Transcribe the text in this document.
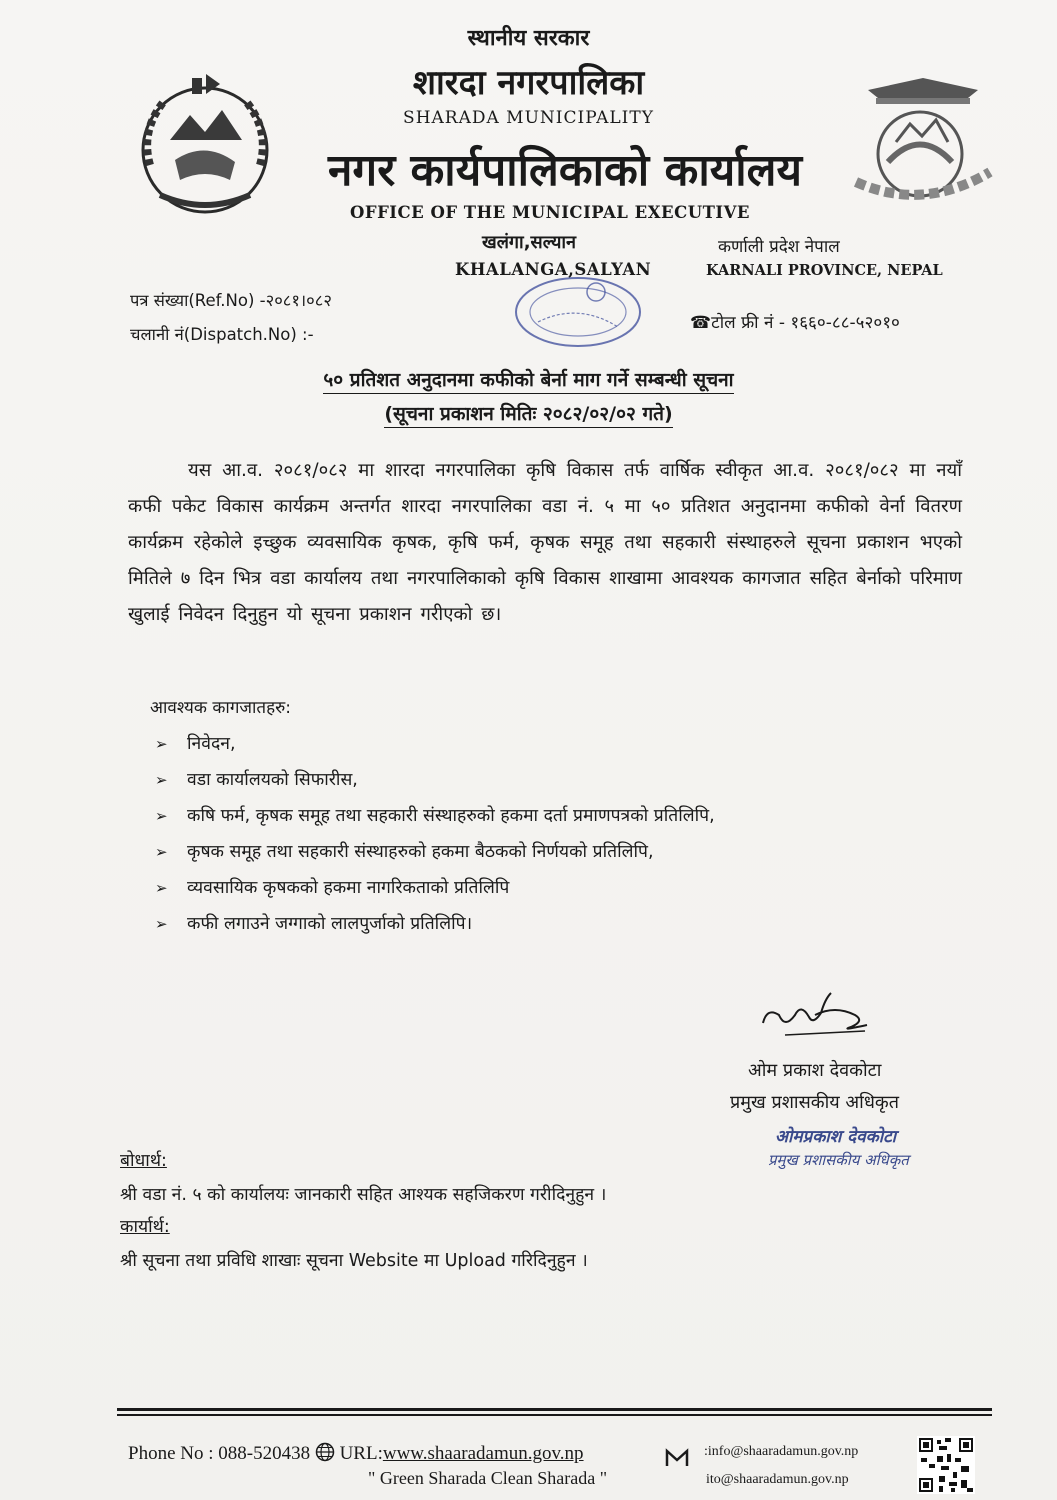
स्थानीय सरकार
शारदा नगरपालिका
SHARADA MUNICIPALITY
नगर कार्यपालिकाको कार्यालय
OFFICE OF THE MUNICIPAL EXECUTIVE
खलंगा,सल्यान
KHALANGA,SALYAN
कर्णाली प्रदेश नेपाल
KARNALI PROVINCE, NEPAL
पत्र संख्या(Ref.No) -२०८१।०८२
चलानी नं(Dispatch.No) :-
☎टोल फ्री नं - १६६०-८८-५२०१०
५० प्रतिशत अनुदानमा कफीको बेर्ना माग गर्ने सम्बन्धी सूचना
(सूचना प्रकाशन मितिः २०८२/०२/०२ गते)
यस आ.व. २०८१/०८२ मा शारदा नगरपालिका कृषि विकास तर्फ वार्षिक स्वीकृत आ.व. २०८१/०८२ मा नयाँ कफी पकेट विकास कार्यक्रम अन्तर्गत शारदा नगरपालिका वडा नं. ५ मा ५० प्रतिशत अनुदानमा कफीको वेर्ना वितरण कार्यक्रम रहेकोले इच्छुक व्यवसायिक कृषक, कृषि फर्म, कृषक समूह तथा सहकारी संस्थाहरुले सूचना प्रकाशन भएको मितिले ७ दिन भित्र वडा कार्यालय तथा नगरपालिकाको कृषि विकास शाखामा आवश्यक कागजात सहित बेर्नाको परिमाण खुलाई निवेदन दिनुहुन यो सूचना प्रकाशन गरीएको छ।
आवश्यक कागजातहरु:
➢ निवेदन,
➢ वडा कार्यालयको सिफारीस,
➢ कषि फर्म, कृषक समूह तथा सहकारी संस्थाहरुको हकमा दर्ता प्रमाणपत्रको प्रतिलिपि,
➢ कृषक समूह तथा सहकारी संस्थाहरुको हकमा बैठकको निर्णयको प्रतिलिपि,
➢ व्यवसायिक कृषकको हकमा नागरिकताको प्रतिलिपि
➢ कफी लगाउने जग्गाको लालपुर्जाको प्रतिलिपि।
ओम प्रकाश देवकोटा
प्रमुख प्रशासकीय अधिकृत
ओमप्रकाश देवकोटा
प्रमुख प्रशासकीय अधिकृत
बोधार्थ:
श्री वडा नं. ५ को कार्यालयः जानकारी सहित आश्यक सहजिकरण गरीदिनुहुन ।
कार्यार्थ:
श्री सूचना तथा प्रविधि शाखाः सूचना Website मा Upload गरिदिनुहुन ।
Phone No : 088-520438 URL:www.shaaradamun.gov.np
" Green Sharada Clean Sharada "
:info@shaaradamun.gov.np
ito@shaaradamun.gov.np
